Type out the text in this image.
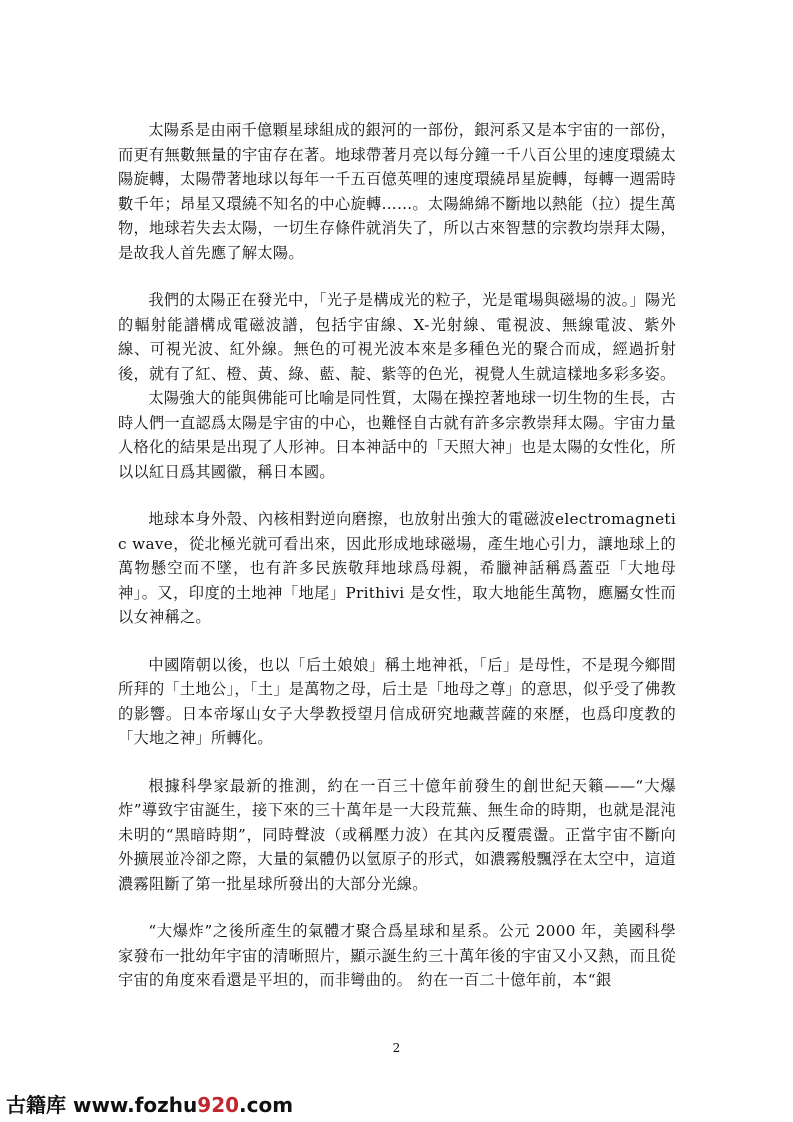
太陽系是由兩千億顆星球組成的銀河的一部份，銀河系又是本宇宙的一部份，而更有無數無量的宇宙存在著。地球帶著月亮以每分鐘一千八百公里的速度環繞太陽旋轉，太陽帶著地球以每年一千五百億英哩的速度環繞昂星旋轉，每轉一週需時數千年；昂星又環繞不知名的中心旋轉……。太陽綿綿不斷地以熱能（拉）提生萬物，地球若失去太陽，一切生存條件就消失了，所以古來智慧的宗教均崇拜太陽，是故我人首先應了解太陽。

我們的太陽正在發光中，「光子是構成光的粒子，光是電場與磁場的波。」陽光的輻射能譜構成電磁波譜，包括宇宙線、X-光射線、電視波、無線電波、紫外線、可視光波、紅外線。無色的可視光波本來是多種色光的聚合而成，經過折射後，就有了紅、橙、黃、綠、藍、靛、紫等的色光，視覺人生就這樣地多彩多姿。

太陽強大的能與佛能可比喻是同性質，太陽在操控著地球一切生物的生長，古時人們一直認爲太陽是宇宙的中心，也難怪自古就有許多宗教崇拜太陽。宇宙力量人格化的結果是出現了人形神。日本神話中的「天照大神」也是太陽的女性化，所以以紅日爲其國徽，稱日本國。

地球本身外殼、內核相對逆向磨擦，也放射出強大的電磁波electromagnetic wave，從北極光就可看出來，因此形成地球磁場，產生地心引力，讓地球上的萬物懸空而不墜，也有許多民族敬拜地球爲母親，希臘神話稱爲蓋亞「大地母神」。又，印度的土地神「地尾」Prithivi 是女性，取大地能生萬物，應屬女性而以女神稱之。

中國隋朝以後，也以「后土娘娘」稱土地神祇，「后」是母性，不是現今鄉間所拜的「土地公」，「土」是萬物之母，后土是「地母之尊」的意思，似乎受了佛教的影響。日本帝塚山女子大學教授望月信成研究地藏菩薩的來歷，也爲印度教的「大地之神」所轉化。

根據科學家最新的推測，約在一百三十億年前發生的創世紀天籟——“大爆炸”導致宇宙誕生，接下來的三十萬年是一大段荒蕪、無生命的時期，也就是混沌未明的“黑暗時期”，同時聲波（或稱壓力波）在其內反覆震盪。正當宇宙不斷向外擴展並冷卻之際，大量的氣體仍以氫原子的形式，如濃霧般飄浮在太空中，這道濃霧阻斷了第一批星球所發出的大部分光線。

“大爆炸”之後所產生的氣體才聚合爲星球和星系。公元 2000 年，美國科學家發布一批幼年宇宙的清晰照片，顯示誕生約三十萬年後的宇宙又小又熱，而且從宇宙的角度來看還是平坦的，而非彎曲的。 約在一百二十億年前，本“銀

2
古籍库 www.fozhu920.com
